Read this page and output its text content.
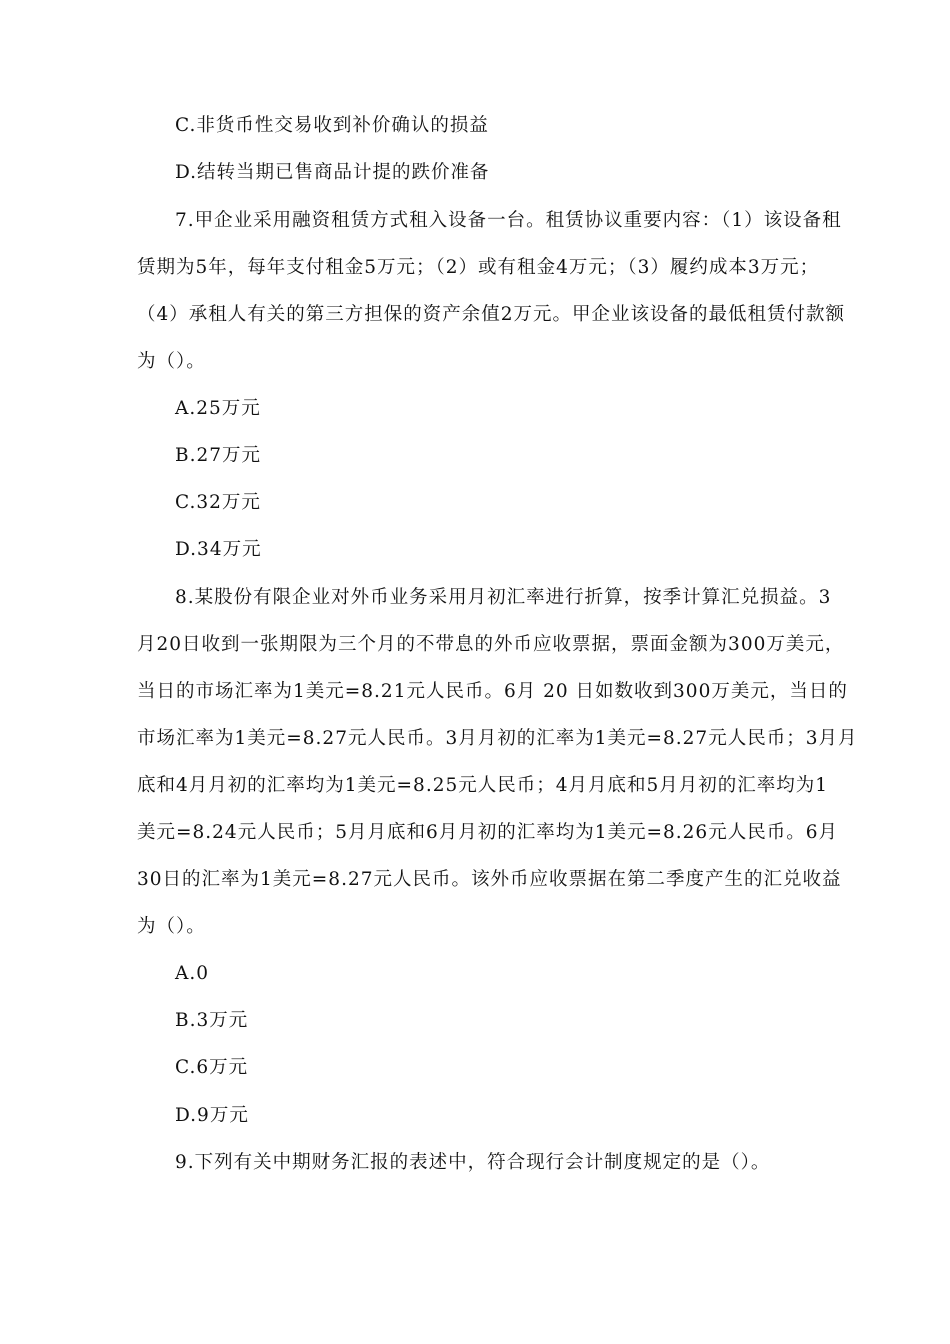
C.非货币性交易收到补价确认的损益
D.结转当期已售商品计提的跌价准备
7.甲企业采用融资租赁方式租入设备一台。租赁协议重要内容：（1）该设备租
赁期为5年，每年支付租金5万元；（2）或有租金4万元；（3）履约成本3万元；
（4）承租人有关的第三方担保的资产余值2万元。甲企业该设备的最低租赁付款额
为（）。
A.25万元
B.27万元
C.32万元
D.34万元
8.某股份有限企业对外币业务采用月初汇率进行折算，按季计算汇兑损益。3
月20日收到一张期限为三个月的不带息的外币应收票据，票面金额为300万美元，
当日的市场汇率为1美元=8.21元人民币。6月 20 日如数收到300万美元，当日的
市场汇率为1美元=8.27元人民币。3月月初的汇率为1美元=8.27元人民币；3月月
底和4月月初的汇率均为1美元=8.25元人民币；4月月底和5月月初的汇率均为1
美元=8.24元人民币；5月月底和6月月初的汇率均为1美元=8.26元人民币。6月
30日的汇率为1美元=8.27元人民币。该外币应收票据在第二季度产生的汇兑收益
为（）。
A.0
B.3万元
C.6万元
D.9万元
9.下列有关中期财务汇报的表述中，符合现行会计制度规定的是（）。
